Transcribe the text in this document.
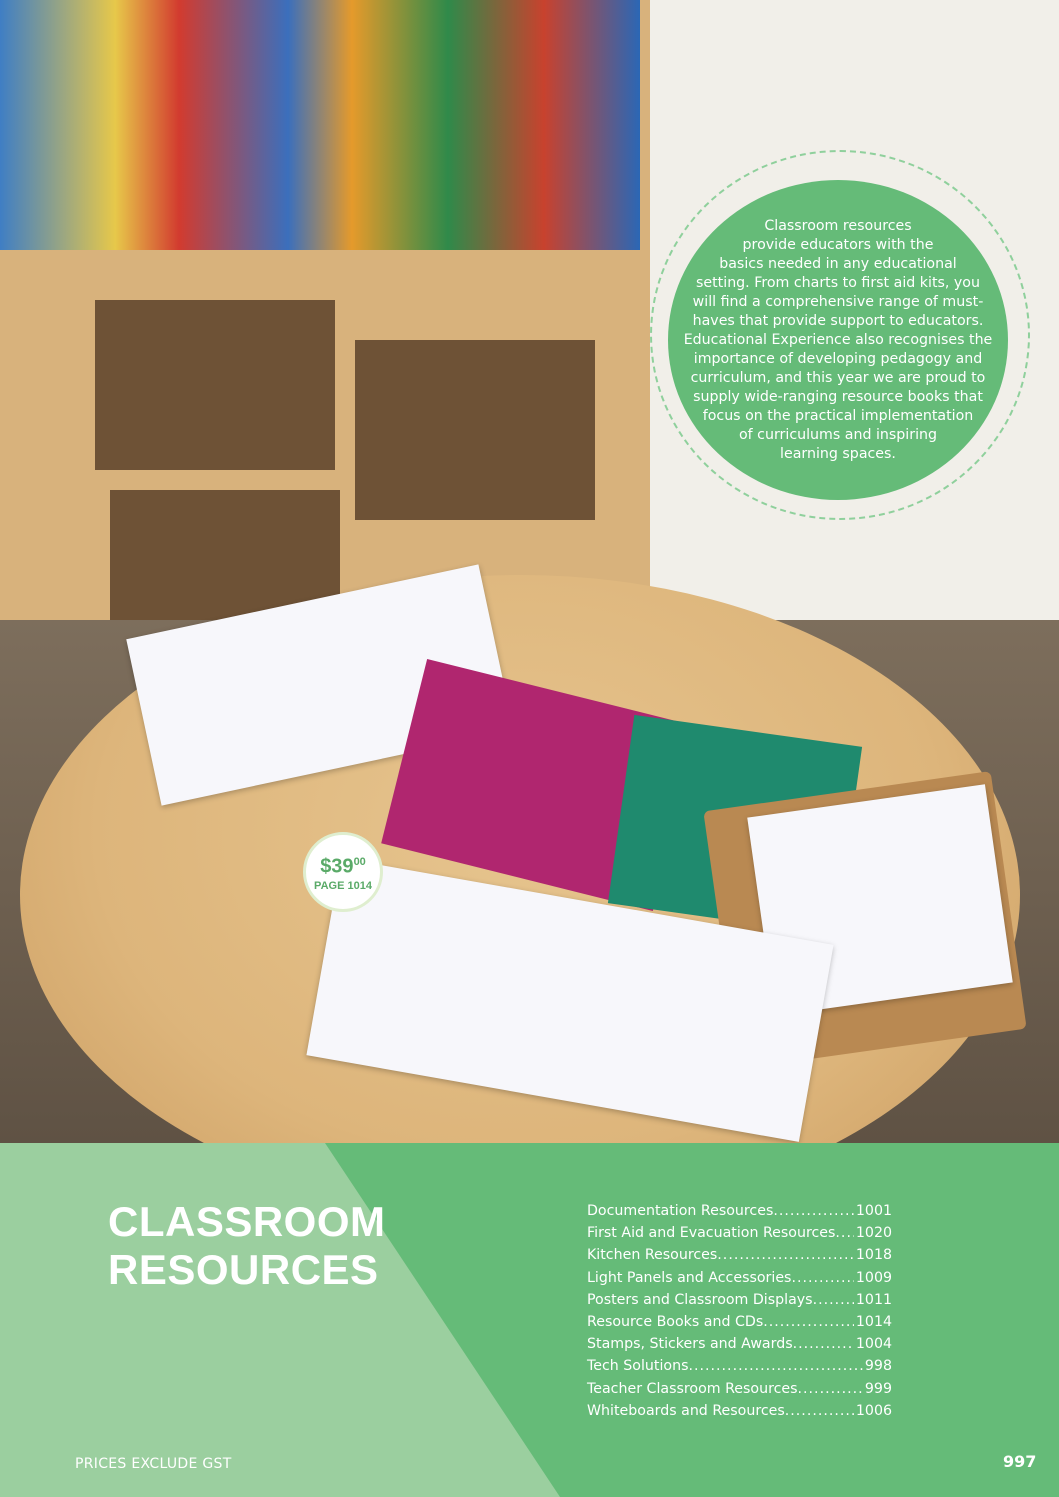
Classroom resources
provide educators with the
basics needed in any educational
setting. From charts to first aid kits, you
will find a comprehensive range of must-
haves that provide support to educators.
Educational Experience also recognises the
importance of developing pedagogy and
curriculum, and this year we are proud to
supply wide-ranging resource books that
focus on the practical implementation
of curriculums and inspiring
learning spaces.

$\$39^{00}$
PAGE 1014
CLASSROOM
RESOURCES
Documentation Resources .....	1001
First Aid and Evacuation Resources ..... 1020
Kitchen Resources .....	1018
Light Panels and Accessories .....	1009
Posters and Classroom Displays .....	1011
Resource Books and CDs .....	1014
Stamps, Stickers and Awards .....	1004
Tech Solutions .....	998
Teacher Classroom Resources .....	999
Whiteboards and Resources .....	1006
PRICES EXCLUDE GST	997
